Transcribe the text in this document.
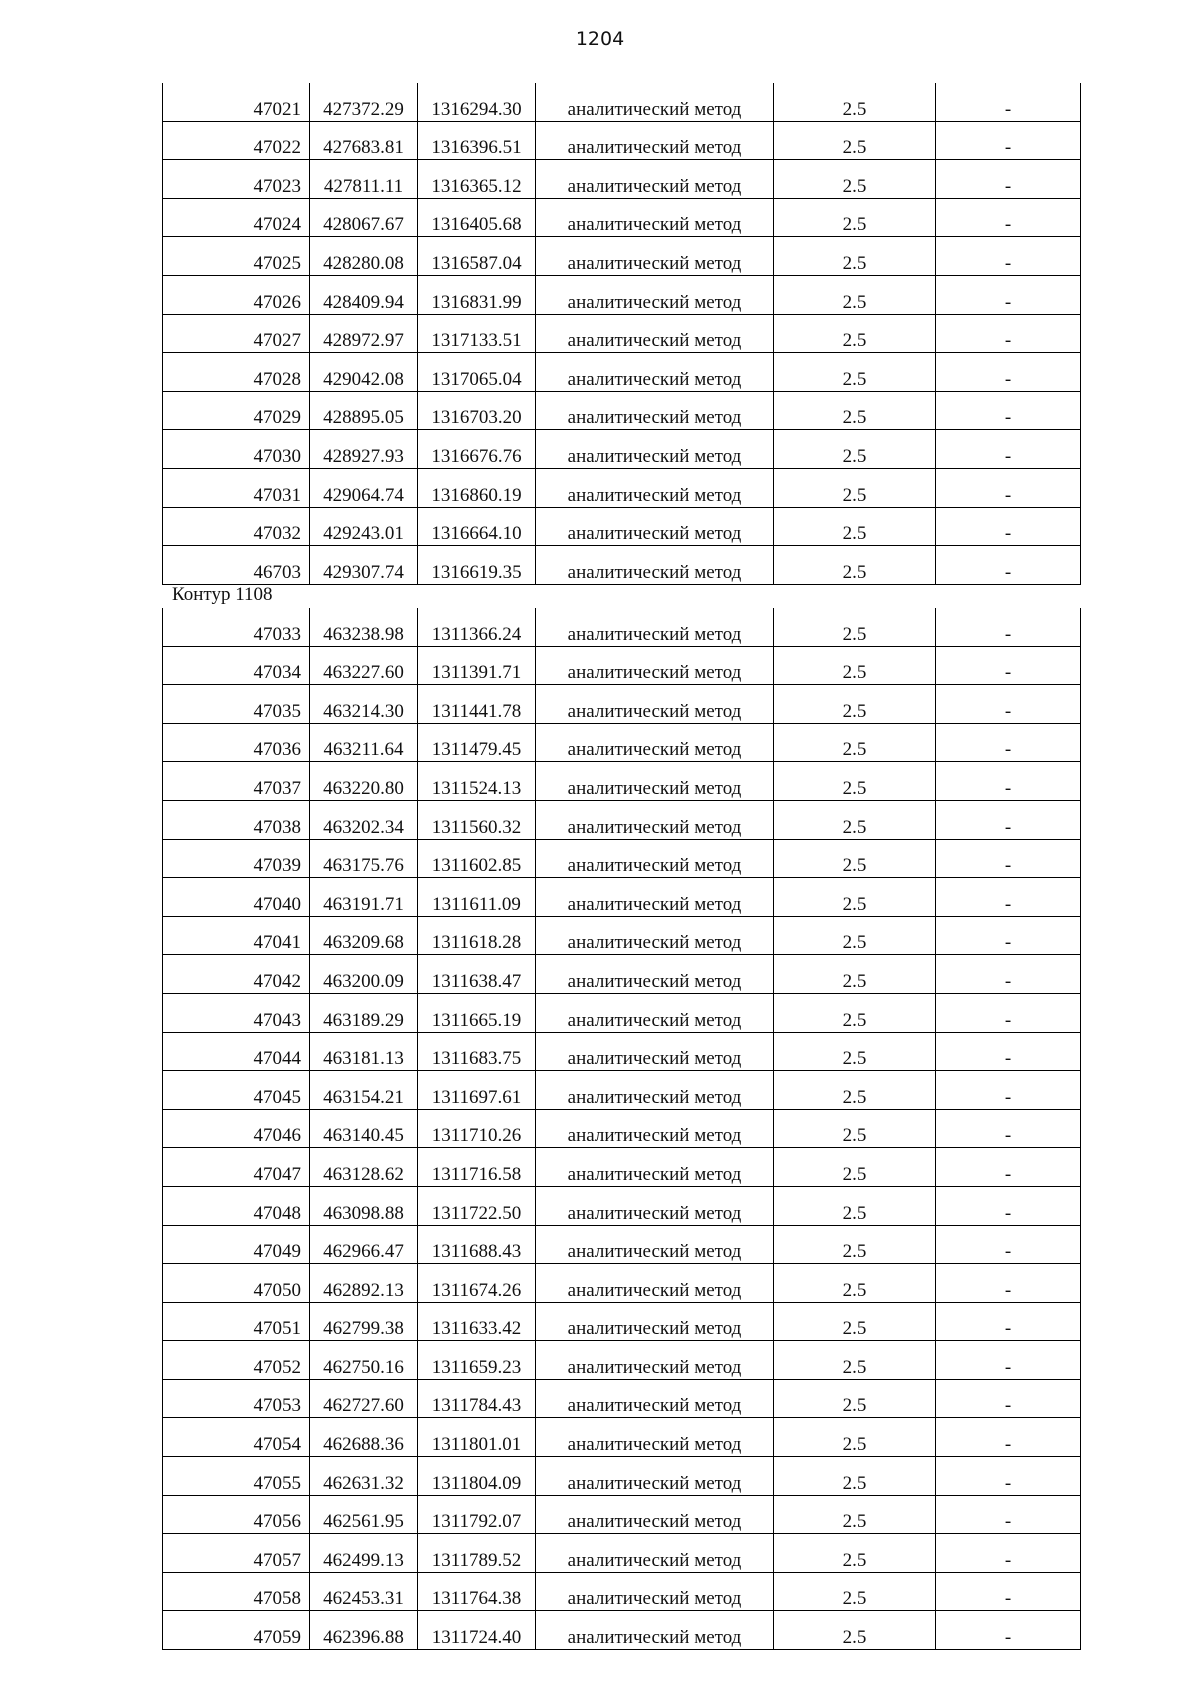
1204
47021	427372.29	1316294.30	аналитический метод	2.5	-
47022	427683.81	1316396.51	аналитический метод	2.5	-
47023	427811.11	1316365.12	аналитический метод	2.5	-
47024	428067.67	1316405.68	аналитический метод	2.5	-
47025	428280.08	1316587.04	аналитический метод	2.5	-
47026	428409.94	1316831.99	аналитический метод	2.5	-
47027	428972.97	1317133.51	аналитический метод	2.5	-
47028	429042.08	1317065.04	аналитический метод	2.5	-
47029	428895.05	1316703.20	аналитический метод	2.5	-
47030	428927.93	1316676.76	аналитический метод	2.5	-
47031	429064.74	1316860.19	аналитический метод	2.5	-
47032	429243.01	1316664.10	аналитический метод	2.5	-
46703	429307.74	1316619.35	аналитический метод	2.5	-
Контур 1108
47033	463238.98	1311366.24	аналитический метод	2.5	-
47034	463227.60	1311391.71	аналитический метод	2.5	-
47035	463214.30	1311441.78	аналитический метод	2.5	-
47036	463211.64	1311479.45	аналитический метод	2.5	-
47037	463220.80	1311524.13	аналитический метод	2.5	-
47038	463202.34	1311560.32	аналитический метод	2.5	-
47039	463175.76	1311602.85	аналитический метод	2.5	-
47040	463191.71	1311611.09	аналитический метод	2.5	-
47041	463209.68	1311618.28	аналитический метод	2.5	-
47042	463200.09	1311638.47	аналитический метод	2.5	-
47043	463189.29	1311665.19	аналитический метод	2.5	-
47044	463181.13	1311683.75	аналитический метод	2.5	-
47045	463154.21	1311697.61	аналитический метод	2.5	-
47046	463140.45	1311710.26	аналитический метод	2.5	-
47047	463128.62	1311716.58	аналитический метод	2.5	-
47048	463098.88	1311722.50	аналитический метод	2.5	-
47049	462966.47	1311688.43	аналитический метод	2.5	-
47050	462892.13	1311674.26	аналитический метод	2.5	-
47051	462799.38	1311633.42	аналитический метод	2.5	-
47052	462750.16	1311659.23	аналитический метод	2.5	-
47053	462727.60	1311784.43	аналитический метод	2.5	-
47054	462688.36	1311801.01	аналитический метод	2.5	-
47055	462631.32	1311804.09	аналитический метод	2.5	-
47056	462561.95	1311792.07	аналитический метод	2.5	-
47057	462499.13	1311789.52	аналитический метод	2.5	-
47058	462453.31	1311764.38	аналитический метод	2.5	-
47059	462396.88	1311724.40	аналитический метод	2.5	-
